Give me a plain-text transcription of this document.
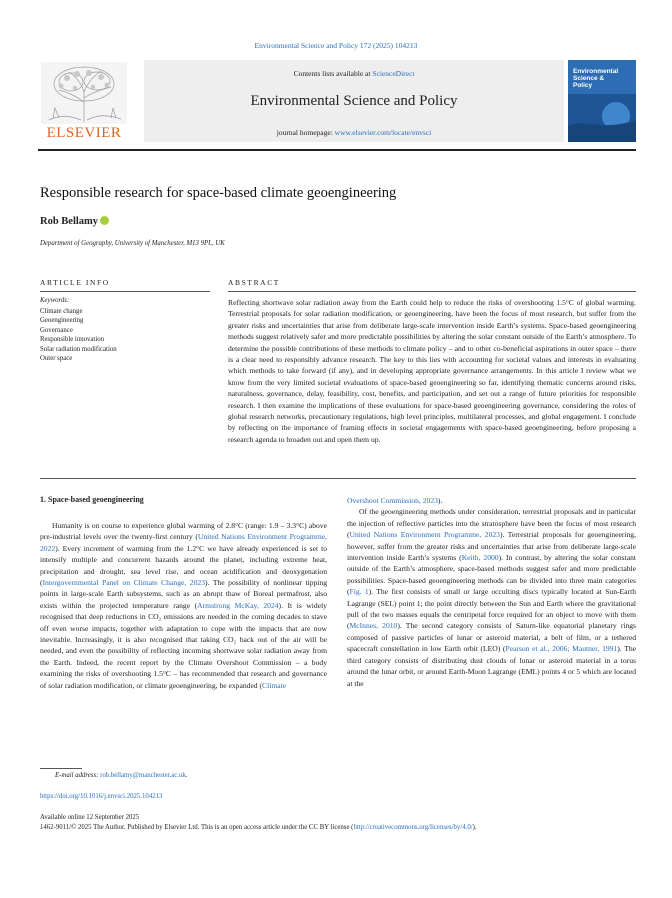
Environmental Science and Policy 172 (2025) 104213
ELSEVIER
Contents lists available at ScienceDirect
Environmental Science and Policy
journal homepage: www.elsevier.com/locate/envsci
Environmental
Science &
Policy
Responsible research for space-based climate geoengineering
Rob Bellamy
Department of Geography, University of Manchester, M13 9PL, UK
ARTICLE INFO	ABSTRACT
Keywords:
Climate change
Geoengineering
Governance
Responsible innovation
Solar radiation modification
Outer space
Reflecting shortwave solar radiation away from the Earth could help to reduce the risks of overshooting 1.5°C of global warming. Terrestrial proposals for solar radiation modification, or geoengineering, have been the focus of most research, but suffer from the greater risks and uncertainties that arise from deliberate large-scale intervention inside Earth’s systems. Space-based geoengineering methods suggest relatively safer and more predictable possibilities by altering the solar constant outside of the Earth’s atmosphere. To determine the possible contributions of these methods to climate policy – and to other co-beneficial aspirations in outer space – there is a clear need to responsibly advance research. The key to this lies with accounting for societal values and interests in evaluating which methods to take forward (if any), and in developing appropriate governance arrangements. In this article I review what we know from the very limited societal evaluations of space-based geoengineering so far, identifying thematic concerns around risks, naturalness, governance, delay, feasibility, cost, benefits, and participation, and set out a range of future priorities for responsible research. I then examine the implications of these evaluations for space-based geoengineering governance, considering the roles of global research networks, precautionary regulations, high level principles, multilateral processes, and global engagement. I conclude by reflecting on the importance of framing effects in societal engagements with space-based geoengineering, before proposing a research agenda to broaden out and open them up.
1. Space-based geoengineering

Humanity is on course to experience global warming of 2.8°C (range: 1.9 – 3.3°C) above pre-industrial levels over the twenty-first century (United Nations Environment Programme, 2022). Every increment of warming from the 1.2°C we have already experienced is set to intensify multiple and concurrent hazards around the planet, including extreme heat, precipitation and drought, sea level rise, and ocean acidification and deoxygenation (Intergovernmental Panel on Climate Change, 2023). The possibility of nonlinear tipping points in large-scale Earth subsystems, such as an abrupt thaw of Boreal permafrost, also exists within the projected temperature range (Armstrong McKay, 2024). It is widely recognised that deep reductions in CO₂ emissions are needed in the coming decades to stave off even worse impacts, together with adaptation to cope with the impacts that are now inevitable. Increasingly, it is also recognised that taking CO₂ back out of the air will be needed, and even the possibility of reflecting incoming shortwave solar radiation away from the Earth. Indeed, the recent report by the Climate Overshoot Commission – a body examining the risks of overshooting 1.5°C – has recommended that research and governance of solar radiation modification, or climate geoengineering, be expanded (Climate

Overshoot Commission, 2023).

Of the geoengineering methods under consideration, terrestrial proposals and in particular the injection of reflective particles into the stratosphere have been the focus of most research (United Nations Environment Programme, 2023). Terrestrial proposals for geoengineering, however, suffer from the greater risks and uncertainties that arise from deliberate large-scale intervention inside Earth’s systems (Keith, 2000). In contrast, by altering the solar constant outside of the Earth’s atmosphere, space-based methods suggest safer and more predictable possibilities. Space-based geoengineering methods can be divided into three main categories (Fig. 1). The first consists of small or large occulting discs typically located at Sun-Earth Lagrange (SEL) point 1; the point directly between the Sun and Earth where the gravitational pull of the two masses equals the centripetal force required for an object to move with them (McInnes, 2010). The second category consists of Saturn-like equatorial planetary rings composed of passive particles of lunar or asteroid material, a belt of film, or a tethered spacecraft constellation in low Earth orbit (LEO) (Pearson et al., 2006; Mautner, 1991). The third category consists of distributing dust clouds of lunar or asteroid material in a torus around the lunar orbit, or around Earth-Moon Lagrange (EML) points 4 or 5 which are located at the

E-mail address: rob.bellamy@manchester.ac.uk.
https://doi.org/10.1016/j.envsci.2025.104213
Available online 12 September 2025
1462-9011/© 2025 The Author. Published by Elsevier Ltd. This is an open access article under the CC BY license (http://creativecommons.org/licenses/by/4.0/).
